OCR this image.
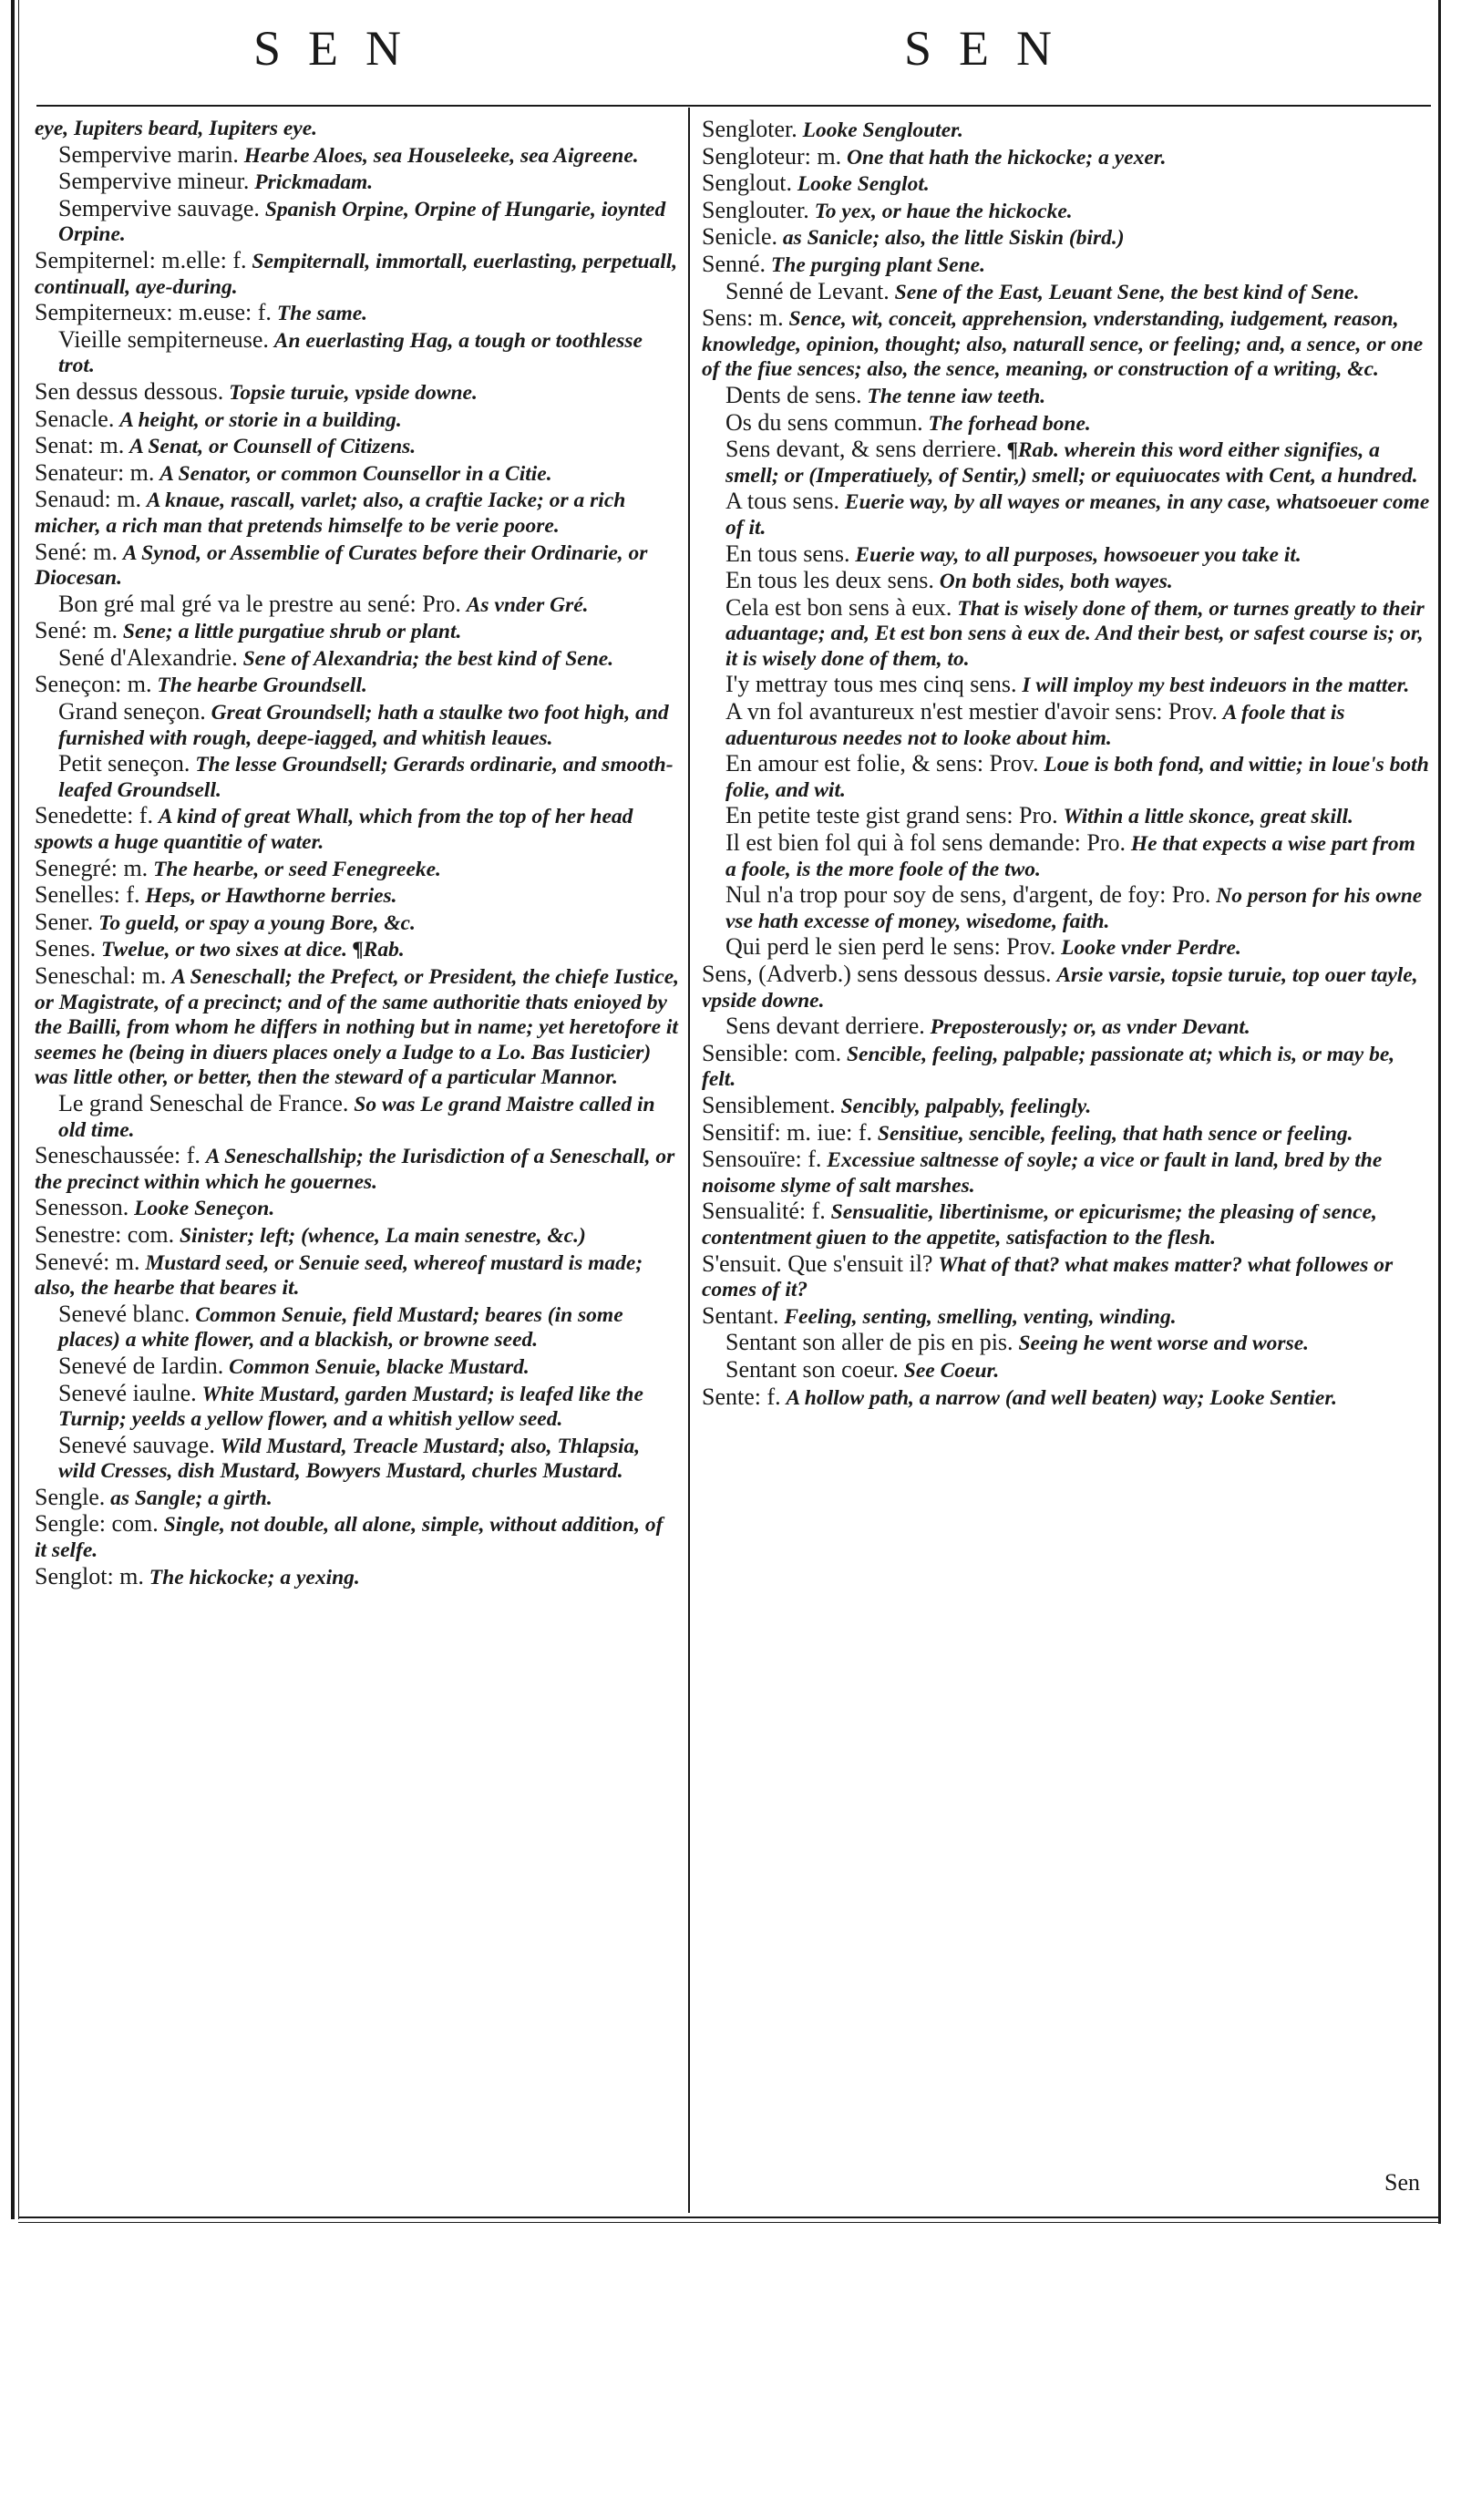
SEN	SEN

eye, Iupiters beard, Iupiters eye.

Sempervive marin. Hearbe Aloes, sea Houseleeke, sea Aigreene.

Sempervive mineur. Prickmadam.

Sempervive sauvage. Spanish Orpine, Orpine of Hungarie, ioynted Orpine.

Sempiternel: m.elle: f. Sempiternall, immortall, euerlasting, perpetuall, continuall, aye-during.

Sempiterneux: m.euse: f. The same.

Vieille sempiterneuse. An euerlasting Hag, a tough or toothlesse trot.

Sen dessus dessous. Topsie turuie, vpside downe.

Senacle. A height, or storie in a building.

Senat: m. A Senat, or Counsell of Citizens.

Senateur: m. A Senator, or common Counsellor in a Citie.

Senaud: m. A knaue, rascall, varlet; also, a craftie Iacke; or a rich micher, a rich man that pretends himselfe to be verie poore.

Sené: m. A Synod, or Assemblie of Curates before their Ordinarie, or Diocesan.

Bon gré mal gré va le prestre au sené: Pro. As vnder Gré.

Sené: m. Sene; a little purgatiue shrub or plant.

Sené d'Alexandrie. Sene of Alexandria; the best kind of Sene.

Seneçon: m. The hearbe Groundsell.

Grand seneçon. Great Groundsell; hath a staulke two foot high, and furnished with rough, deepe-iagged, and whitish leaues.

Petit seneçon. The lesse Groundsell; Gerards ordinarie, and smooth-leafed Groundsell.

Senedette: f. A kind of great Whall, which from the top of her head spowts a huge quantitie of water.

Senegré: m. The hearbe, or seed Fenegreeke.

Senelles: f. Heps, or Hawthorne berries.

Sener. To gueld, or spay a young Bore, &c.

Senes. Twelue, or two sixes at dice. ¶Rab.

Seneschal: m. A Seneschall; the Prefect, or President, the chiefe Iustice, or Magistrate, of a precinct; and of the same authoritie thats enioyed by the Bailli, from whom he differs in nothing but in name; yet heretofore it seemes he (being in diuers places onely a Iudge to a Lo. Bas Iusticier) was little other, or better, then the steward of a particular Mannor.

Le grand Seneschal de France. So was Le grand Maistre called in old time.

Seneschaussée: f. A Seneschallship; the Iurisdiction of a Seneschall, or the precinct within which he gouernes.

Senesson. Looke Seneçon.

Senestre: com. Sinister; left; (whence, La main senestre, &c.)

Senevé: m. Mustard seed, or Senuie seed, whereof mustard is made; also, the hearbe that beares it.

Senevé blanc. Common Senuie, field Mustard; beares (in some places) a white flower, and a blackish, or browne seed.

Senevé de Iardin. Common Senuie, blacke Mustard.

Senevé iaulne. White Mustard, garden Mustard; is leafed like the Turnip; yeelds a yellow flower, and a whitish yellow seed.

Senevé sauvage. Wild Mustard, Treacle Mustard; also, Thlapsia, wild Cresses, dish Mustard, Bowyers Mustard, churles Mustard.

Sengle. as Sangle; a girth.

Sengle: com. Single, not double, all alone, simple, without addition, of it selfe.

Senglot: m. The hickocke; a yexing.

Sengloter. Looke Senglouter.

Sengloteur: m. One that hath the hickocke; a yexer.

Senglout. Looke Senglot.

Senglouter. To yex, or haue the hickocke.

Senicle. as Sanicle; also, the little Siskin (bird.)

Senné. The purging plant Sene.

Senné de Levant. Sene of the East, Leuant Sene, the best kind of Sene.

Sens: m. Sence, wit, conceit, apprehension, vnderstanding, iudgement, reason, knowledge, opinion, thought; also, naturall sence, or feeling; and, a sence, or one of the fiue sences; also, the sence, meaning, or construction of a writing, &c.

Dents de sens. The tenne iaw teeth.

Os du sens commun. The forhead bone.

Sens devant, & sens derriere. ¶Rab. wherein this word either signifies, a smell; or (Imperatiuely, of Sentir,) smell; or equiuocates with Cent, a hundred.

A tous sens. Euerie way, by all wayes or meanes, in any case, whatsoeuer come of it.

En tous sens. Euerie way, to all purposes, howsoeuer you take it.

En tous les deux sens. On both sides, both wayes.

Cela est bon sens à eux. That is wisely done of them, or turnes greatly to their aduantage; and, Et est bon sens à eux de. And their best, or safest course is; or, it is wisely done of them, to.

I'y mettray tous mes cinq sens. I will imploy my best indeuors in the matter.

A vn fol avantureux n'est mestier d'avoir sens: Prov. A foole that is aduenturous needes not to looke about him.

En amour est folie, & sens: Prov. Loue is both fond, and wittie; in loue's both folie, and wit.

En petite teste gist grand sens: Pro. Within a little skonce, great skill.

Il est bien fol qui à fol sens demande: Pro. He that expects a wise part from a foole, is the more foole of the two.

Nul n'a trop pour soy de sens, d'argent, de foy: Pro. No person for his owne vse hath excesse of money, wisedome, faith.

Qui perd le sien perd le sens: Prov. Looke vnder Perdre.

Sens, (Adverb.) sens dessous dessus. Arsie varsie, topsie turuie, top ouer tayle, vpside downe.

Sens devant derriere. Preposterously; or, as vnder Devant.

Sensible: com. Sencible, feeling, palpable; passionate at; which is, or may be, felt.

Sensiblement. Sencibly, palpably, feelingly.

Sensitif: m. iue: f. Sensitiue, sencible, feeling, that hath sence or feeling.

Sensouïre: f. Excessiue saltnesse of soyle; a vice or fault in land, bred by the noisome slyme of salt marshes.

Sensualité: f. Sensualitie, libertinisme, or epicurisme; the pleasing of sence, contentment giuen to the appetite, satisfaction to the flesh.

S'ensuit. Que s'ensuit il? What of that? what makes matter? what followes or comes of it?

Sentant. Feeling, senting, smelling, venting, winding.

Sentant son aller de pis en pis. Seeing he went worse and worse.

Sentant son coeur. See Coeur.

Sente: f. A hollow path, a narrow (and well beaten) way; Looke Sentier.

Sen
